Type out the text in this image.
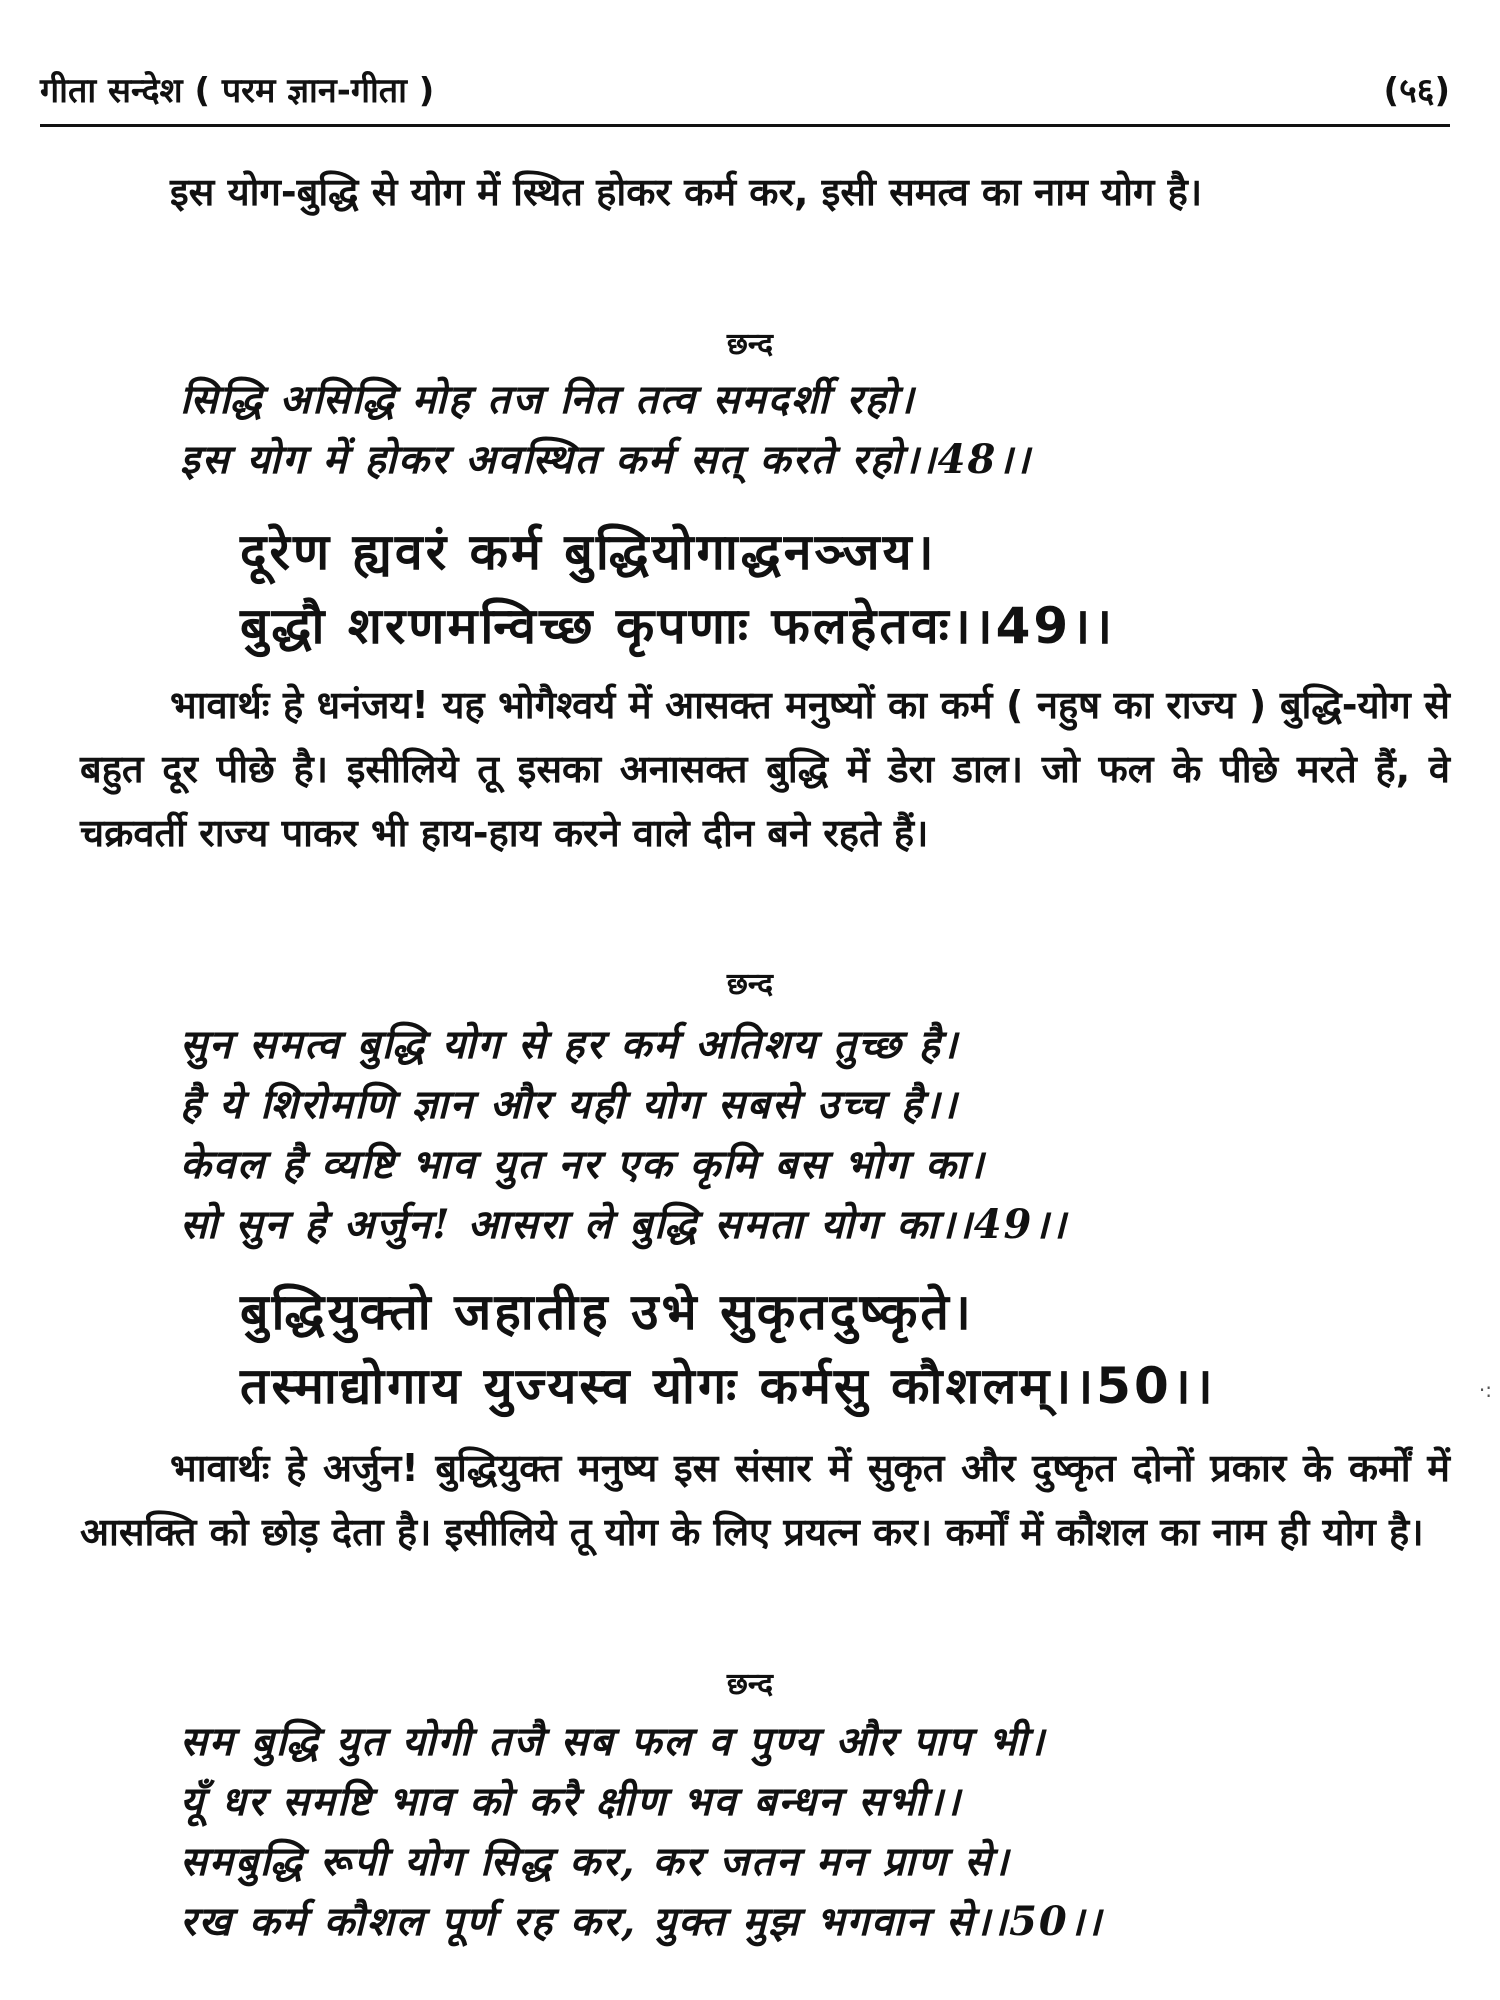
गीता सन्देश ( परम ज्ञान-गीता )	(५६)
इस योग-बुद्धि से योग में स्थित होकर कर्म कर, इसी समत्व का नाम योग है।
छन्द
सिद्धि असिद्धि मोह तज नित तत्व समदर्शी रहो।
इस योग में होकर अवस्थित कर्म सत् करते रहो।।48।।
दूरेण ह्यवरं कर्म बुद्धियोगाद्धनञ्जय।
बुद्धौ शरणमन्विच्छ कृपणाः फलहेतवः।।49।।
भावार्थः हे धनंजय! यह भोगैश्वर्य में आसक्त मनुष्यों का कर्म ( नहुष का राज्य ) बुद्धि-योग से बहुत दूर पीछे है। इसीलिये तू इसका अनासक्त बुद्धि में डेरा डाल। जो फल के पीछे मरते हैं, वे चक्रवर्ती राज्य पाकर भी हाय-हाय करने वाले दीन बने रहते हैं।
छन्द
सुन समत्व बुद्धि योग से हर कर्म अतिशय तुच्छ है।
है ये शिरोमणि ज्ञान और यही योग सबसे उच्च है।।
केवल है व्यष्टि भाव युत नर एक कृमि बस भोग का।
सो सुन हे अर्जुन! आसरा ले बुद्धि समता योग का।।49।।
बुद्धियुक्तो जहातीह उभे सुकृतदुष्कृते।
तस्माद्योगाय युज्यस्व योगः कर्मसु कौशलम्।।50।।	·:
भावार्थः हे अर्जुन! बुद्धियुक्त मनुष्य इस संसार में सुकृत और दुष्कृत दोनों प्रकार के कर्मों में आसक्ति को छोड़ देता है। इसीलिये तू योग के लिए प्रयत्न कर। कर्मों में कौशल का नाम ही योग है।
छन्द
सम बुद्धि युत योगी तजै सब फल व पुण्य और पाप भी।
यूँ धर समष्टि भाव को करै क्षीण भव बन्धन सभी।।
समबुद्धि रूपी योग सिद्ध कर, कर जतन मन प्राण से।
रख कर्म कौशल पूर्ण रह कर, युक्त मुझ भगवान से।।50।।
